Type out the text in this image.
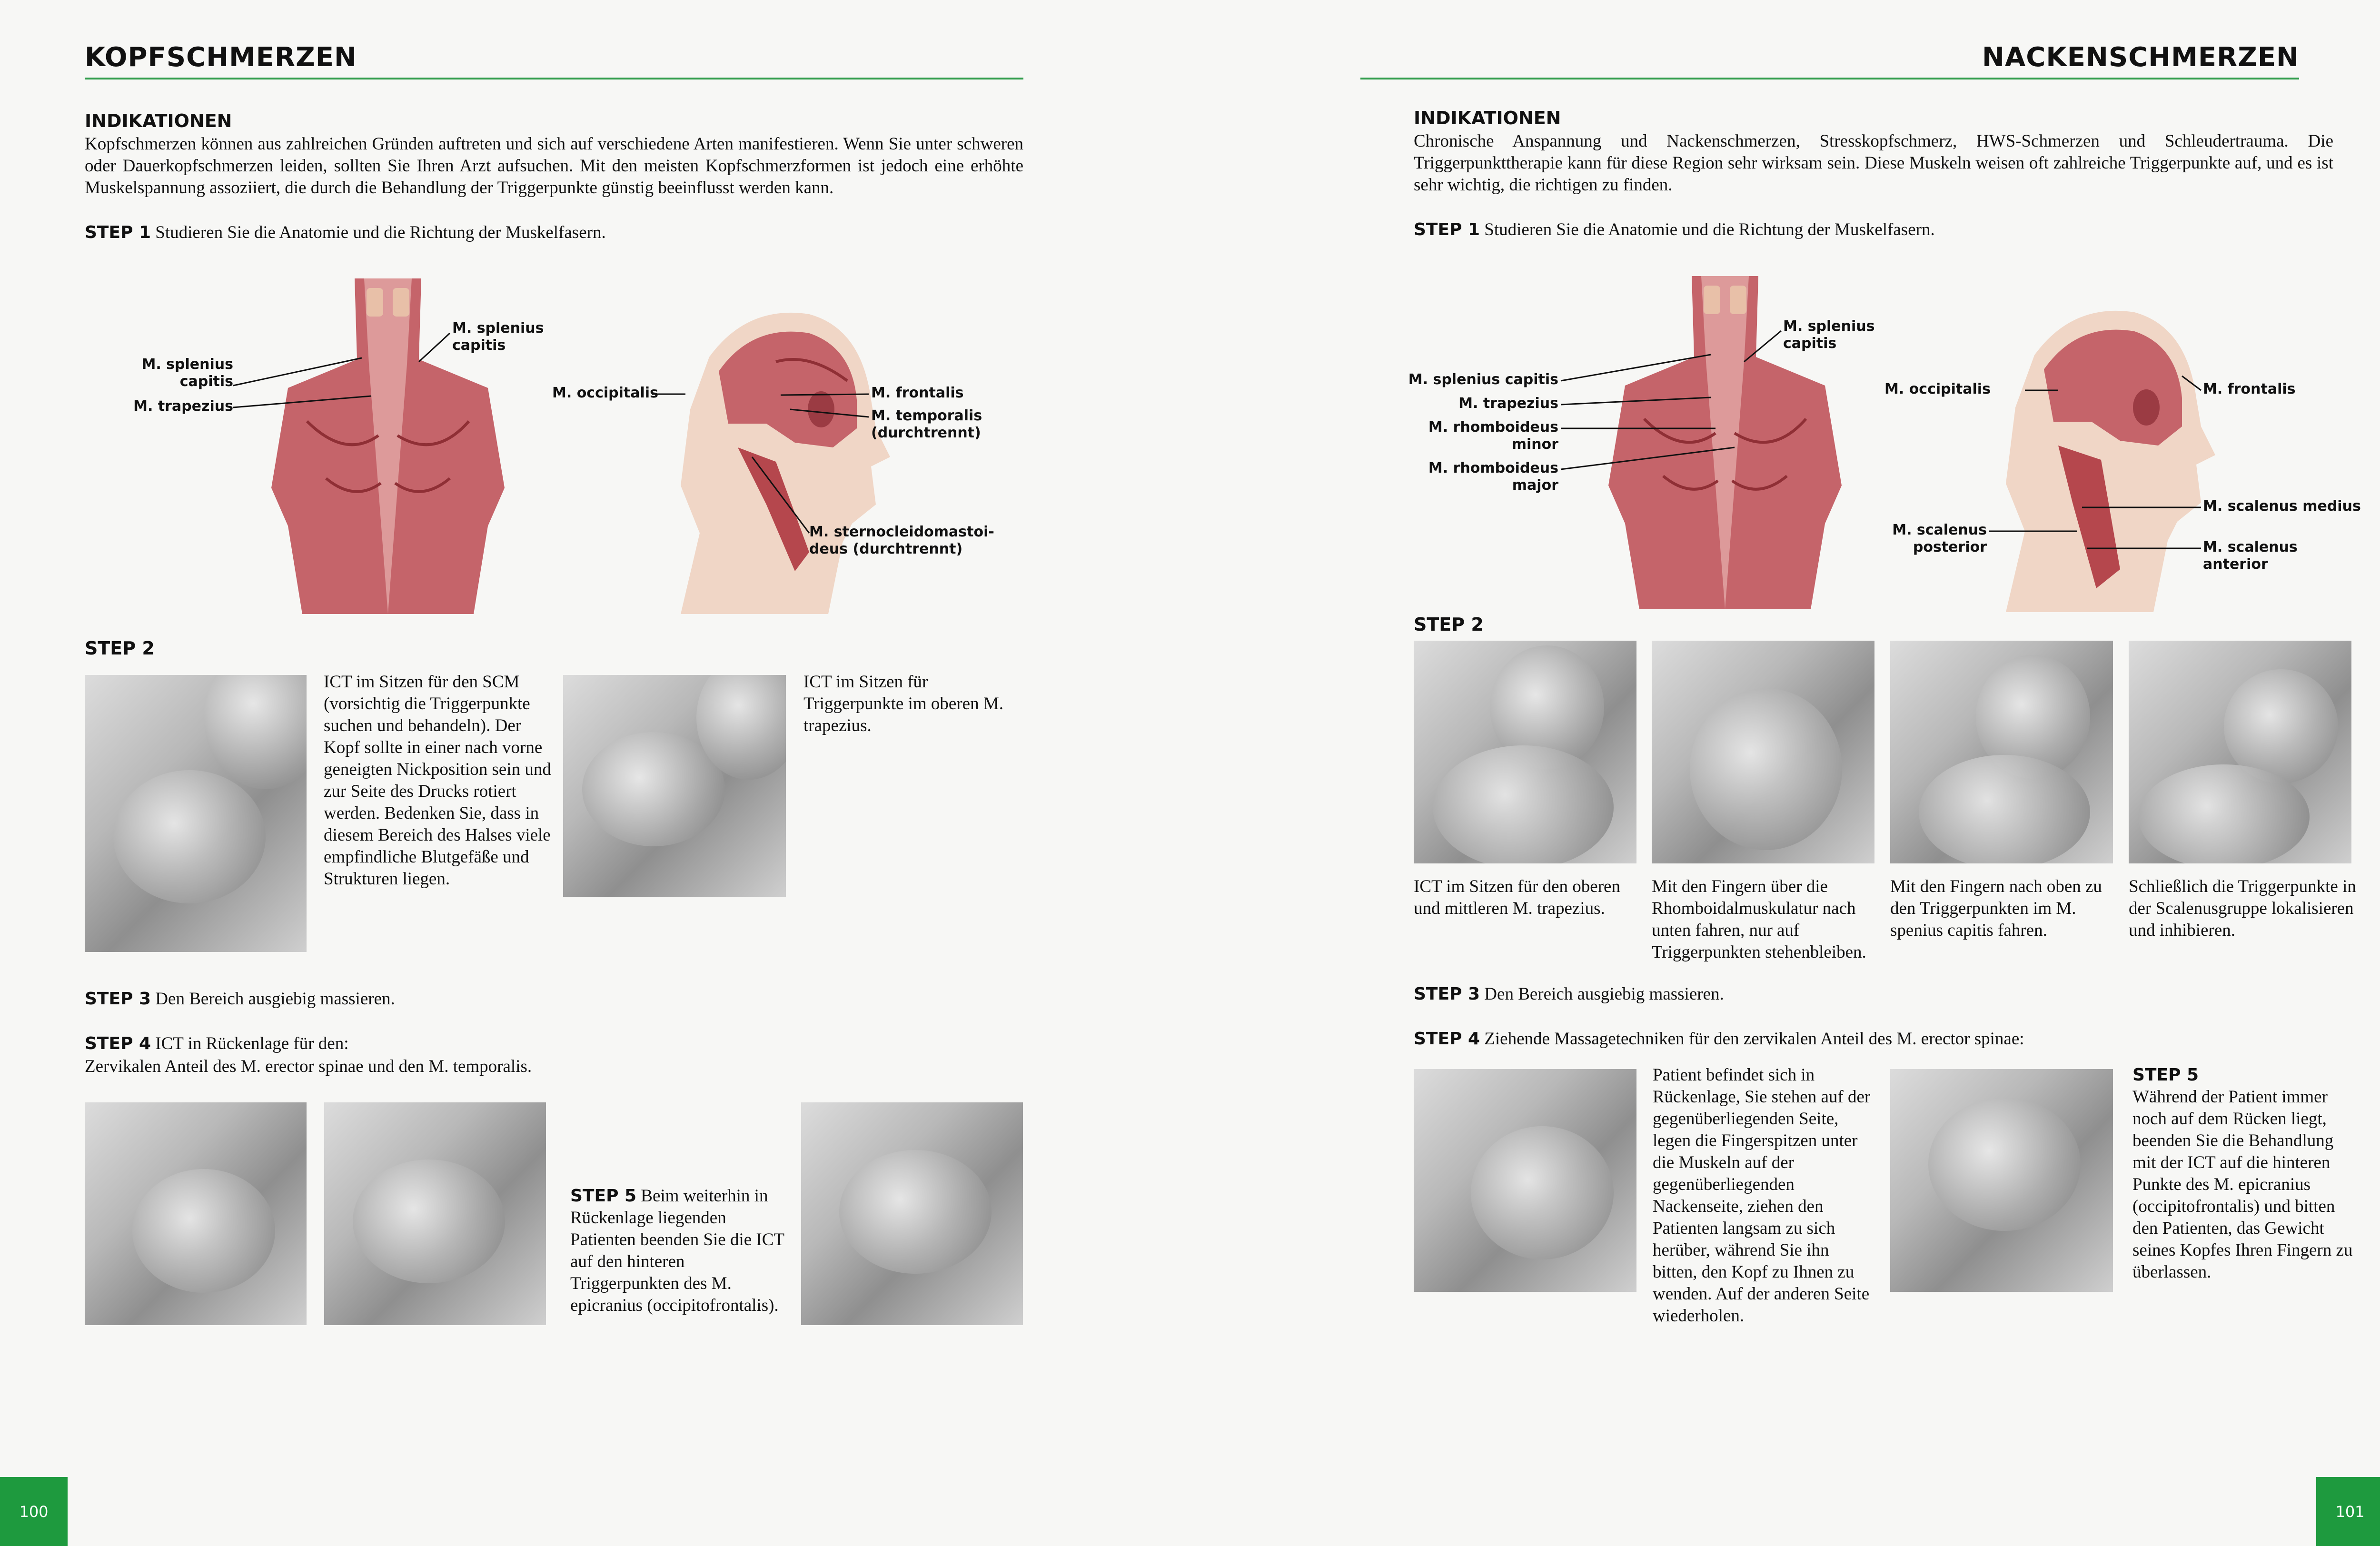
KOPFSCHMERZEN
INDIKATIONEN
Kopfschmerzen können aus zahlreichen Gründen auftreten und sich auf verschiedene Arten manifestieren. Wenn Sie unter schweren oder Dauerkopfschmerzen leiden, sollten Sie Ihren Arzt aufsuchen. Mit den meisten Kopfschmerzformen ist jedoch eine erhöhte Muskelspannung assoziiert, die durch die Behandlung der Triggerpunkte günstig beeinflusst werden kann.
STEP 1 Studieren Sie die Anatomie und die Richtung der Muskelfasern.
M. splenius
capitis
M. splenius
capitis
M. trapezius
M. occipitalis	M. frontalis
M. temporalis
(durchtrennt)
M. sternocleidomastoi-
deus (durchtrennt)
STEP 2
ICT im Sitzen für den SCM (vorsichtig die Triggerpunkte suchen und behandeln). Der Kopf sollte in einer nach vorne geneigten Nickposition sein und zur Seite des Drucks rotiert werden. Bedenken Sie, dass in diesem Bereich des Halses viele empfindliche Blutgefäße und Strukturen liegen.
ICT im Sitzen für Triggerpunkte im oberen M. trapezius.
STEP 3 Den Bereich ausgiebig massieren.
STEP 4 ICT in Rückenlage für den:
Zervikalen Anteil des M. erector spinae und den M. temporalis.
STEP 5 Beim weiterhin in Rückenlage liegenden Patienten beenden Sie die ICT auf den hinteren Triggerpunkten des M. epicranius (occipitofrontalis).
100
NACKENSCHMERZEN
INDIKATIONEN
Chronische Anspannung und Nackenschmerzen, Stresskopfschmerz, HWS-Schmerzen und Schleudertrauma. Die Triggerpunkttherapie kann für diese Region sehr wirksam sein. Diese Muskeln weisen oft zahlreiche Triggerpunkte auf, und es ist sehr wichtig, die richtigen zu finden.
STEP 1 Studieren Sie die Anatomie und die Richtung der Muskelfasern.
M. splenius
capitis
M. splenius capitis
M. trapezius
M. rhomboideus
minor
M. rhomboideus
major
M. occipitalis	M. frontalis
M. scalenus medius
M. scalenus
posterior	M. scalenus
anterior
STEP 2
ICT im Sitzen für den oberen und mittleren M. trapezius.
Mit den Fingern über die Rhomboidalmuskulatur nach unten fahren, nur auf Triggerpunkten stehenbleiben.
Mit den Fingern nach oben zu den Triggerpunkten im M. spenius capitis fahren.
Schließlich die Triggerpunkte in der Scalenusgruppe lokalisieren und inhibieren.
STEP 3 Den Bereich ausgiebig massieren.
STEP 4 Ziehende Massagetechniken für den zervikalen Anteil des M. erector spinae:
Patient befindet sich in Rückenlage, Sie stehen auf der gegenüberliegenden Seite, legen die Fingerspitzen unter die Muskeln auf der gegenüberliegenden Nackenseite, ziehen den Patienten langsam zu sich herüber, während Sie ihn bitten, den Kopf zu Ihnen zu wenden. Auf der anderen Seite wiederholen.
STEP 5
Während der Patient immer noch auf dem Rücken liegt, beenden Sie die Behandlung mit der ICT auf die hinteren Punkte des M. epicranius (occipitofrontalis) und bitten den Patienten, das Gewicht seines Kopfes Ihren Fingern zu überlassen.
101
